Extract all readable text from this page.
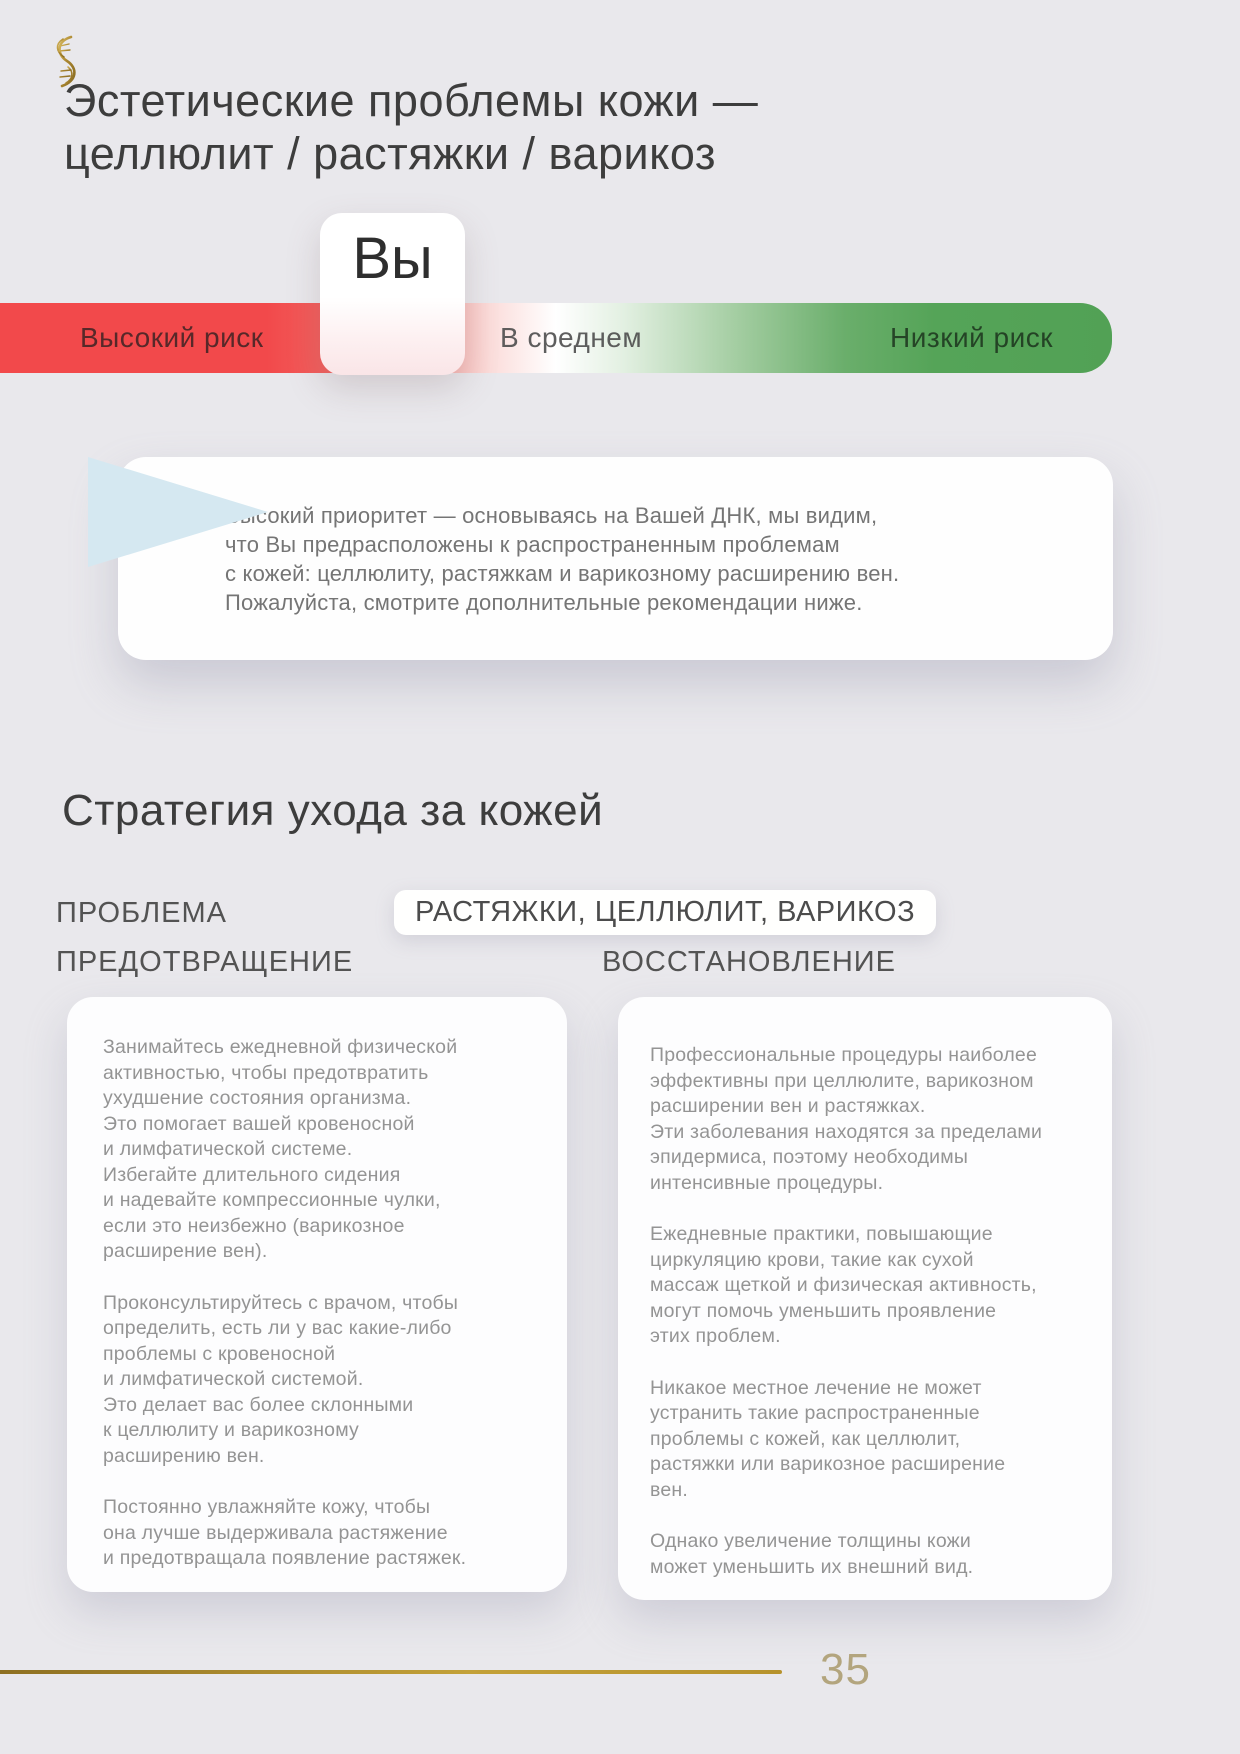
Эстетические проблемы кожи —
целлюлит / растяжки / варикоз
Высокий риск	В среднем	Низкий риск
Вы
Высокий приоритет — основываясь на Вашей ДНК, мы видим,
что Вы предрасположены к распространенным проблемам
с кожей: целлюлиту, растяжкам и варикозному расширению вен.
Пожалуйста, смотрите дополнительные рекомендации ниже.
Стратегия ухода за кожей
ПРОБЛЕМА	РАСТЯЖКИ, ЦЕЛЛЮЛИТ, ВАРИКОЗ
ПРЕДОТВРАЩЕНИЕ	ВОССТАНОВЛЕНИЕ

Занимайтесь ежедневной физической
активностью, чтобы предотвратить
ухудшение состояния организма.
Это помогает вашей кровеносной
и лимфатической системе.
Избегайте длительного сидения
и надевайте компрессионные чулки,
если это неизбежно (варикозное
расширение вен).

Проконсультируйтесь с врачом, чтобы
определить, есть ли у вас какие-либо
проблемы с кровеносной
и лимфатической системой.
Это делает вас более склонными
к целлюлиту и варикозному
расширению вен.

Постоянно увлажняйте кожу, чтобы
она лучше выдерживала растяжение
и предотвращала появление растяжек.

Профессиональные процедуры наиболее
эффективны при целлюлите, варикозном
расширении вен и растяжках.
Эти заболевания находятся за пределами
эпидермиса, поэтому необходимы
интенсивные процедуры.

Ежедневные практики, повышающие
циркуляцию крови, такие как сухой
массаж щеткой и физическая активность,
могут помочь уменьшить проявление
этих проблем.

Никакое местное лечение не может
устранить такие распространенные
проблемы с кожей, как целлюлит,
растяжки или варикозное расширение
вен.

Однако увеличение толщины кожи
может уменьшить их внешний вид.

35
